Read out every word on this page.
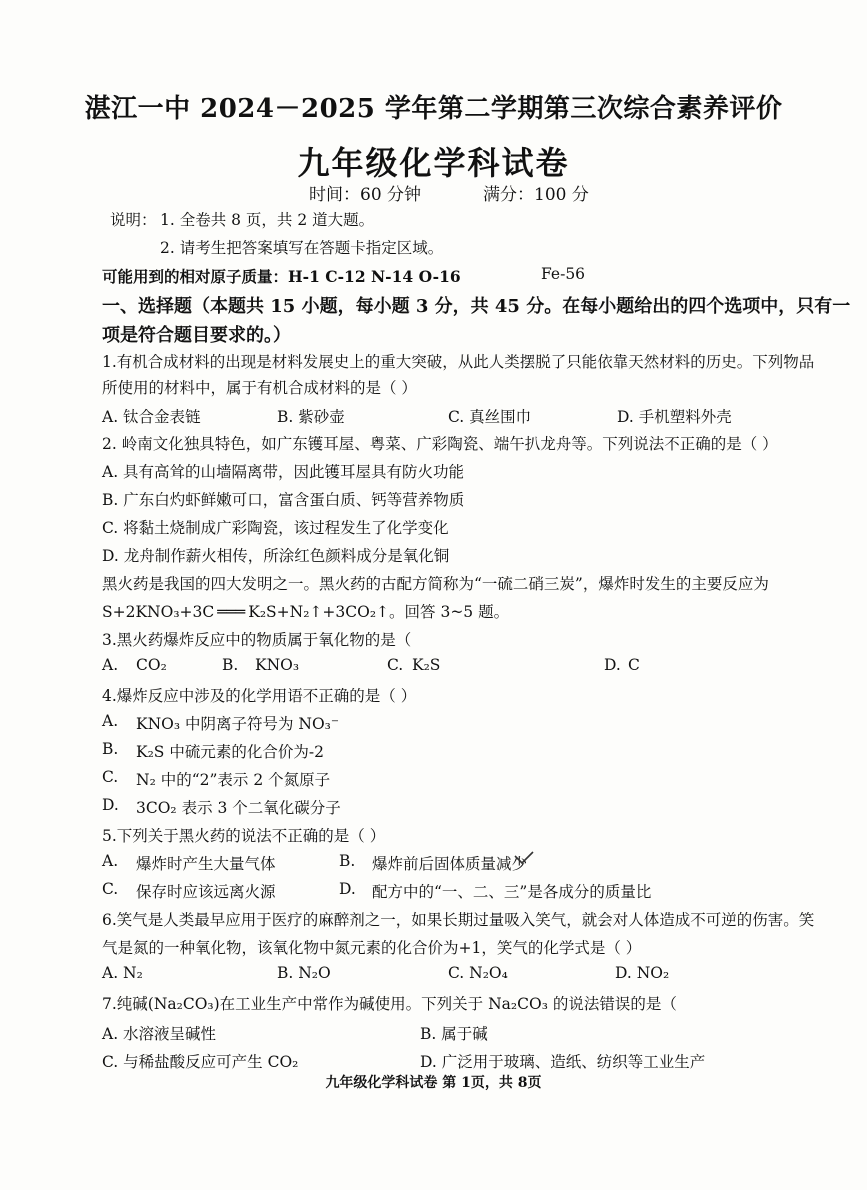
湛江一中 2024－2025 学年第二学期第三次综合素养评价
九年级化学科试卷
时间：60 分钟	满分：100 分
说明： 1. 全卷共 8 页，共 2 道大题。
2. 请考生把答案填写在答题卡指定区域。
可能用到的相对原子质量：H-1 C-12 N-14 O-16	Fe-56
一、选择题（本题共 15 小题，每小题 3 分，共 45 分。在每小题给出的四个选项中，只有一
项是符合题目要求的。）
1.有机合成材料的出现是材料发展史上的重大突破，从此人类摆脱了只能依靠天然材料的历史。下列物品
所使用的材料中，属于有机合成材料的是（ ）
A. 钛合金表链	B. 紫砂壶	C. 真丝围巾	D. 手机塑料外壳
2. 岭南文化独具特色，如广东镬耳屋、粤菜、广彩陶瓷、端午扒龙舟等。下列说法不正确的是（ ）
A. 具有高耸的山墙隔离带，因此镬耳屋具有防火功能
B. 广东白灼虾鲜嫩可口，富含蛋白质、钙等营养物质
C. 将黏土烧制成广彩陶瓷，该过程发生了化学变化
D. 龙舟制作薪火相传，所涂红色颜料成分是氧化铜
黑火药是我国的四大发明之一。黑火药的古配方简称为“一硫二硝三炭”，爆炸时发生的主要反应为
S+2KNO₃+3C ═══ K₂S+N₂↑+3CO₂↑。回答 3~5 题。
3.黑火药爆炸反应中的物质属于氧化物的是（
A. CO₂	B. KNO₃	C. K₂S	D. C
4.爆炸反应中涉及的化学用语不正确的是（ ）
A. KNO₃ 中阴离子符号为 NO₃⁻
B. K₂S 中硫元素的化合价为-2
C. N₂ 中的“2”表示 2 个氮原子
D. 3CO₂ 表示 3 个二氧化碳分子
5.下列关于黑火药的说法不正确的是（ ）
A. 爆炸时产生大量气体	B. 爆炸前后固体质量减少
C. 保存时应该远离火源	D. 配方中的“一、二、三”是各成分的质量比
6.笑气是人类最早应用于医疗的麻醉剂之一，如果长期过量吸入笑气，就会对人体造成不可逆的伤害。笑
气是氮的一种氧化物，该氧化物中氮元素的化合价为+1，笑气的化学式是（ ）
A. N₂	B. N₂O	C. N₂O₄	D. NO₂
7.纯碱(Na₂CO₃)在工业生产中常作为碱使用。下列关于 Na₂CO₃ 的说法错误的是（
A. 水溶液呈碱性	B. 属于碱
C. 与稀盐酸反应可产生 CO₂	D. 广泛用于玻璃、造纸、纺织等工业生产
九年级化学科试卷 第 1页，共 8页
